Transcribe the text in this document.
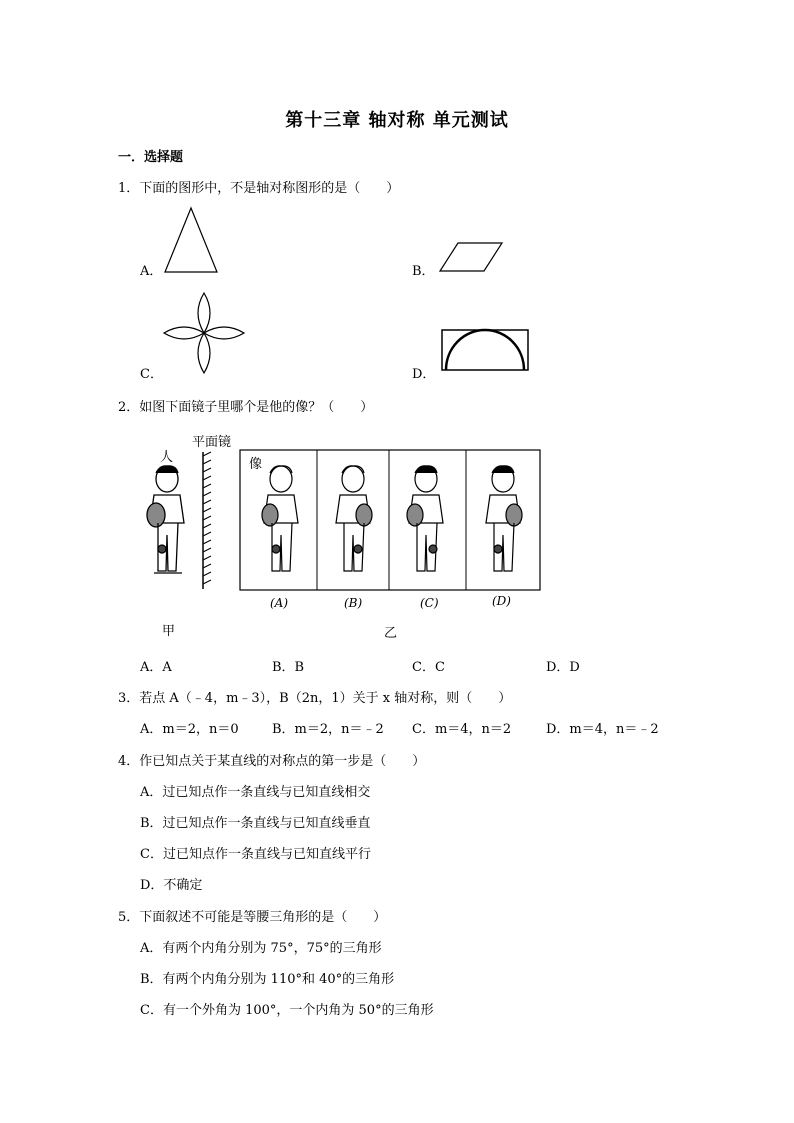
第十三章 轴对称 单元测试
一．选择题
1．下面的图形中，不是轴对称图形的是（　　）
A．	B．
C．	D．
2．如图下面镜子里哪个是他的像？（　　）
平面镜
人	像
(A)	(B)	(C)	(D)
甲	乙
A．A	B．B	C．C	D．D
3．若点 A（﹣4，m﹣3），B（2n，1）关于 x 轴对称，则（　　）
A．m＝2，n＝0	B．m＝2，n＝﹣2 C．m＝4，n＝2	D．m＝4，n＝﹣2
4．作已知点关于某直线的对称点的第一步是（　　）
A．过已知点作一条直线与已知直线相交
B．过已知点作一条直线与已知直线垂直
C．过已知点作一条直线与已知直线平行
D．不确定
5．下面叙述不可能是等腰三角形的是（　　）
A．有两个内角分别为 75°，75°的三角形
B．有两个内角分别为 110°和 40°的三角形
C．有一个外角为 100°，一个内角为 50°的三角形
